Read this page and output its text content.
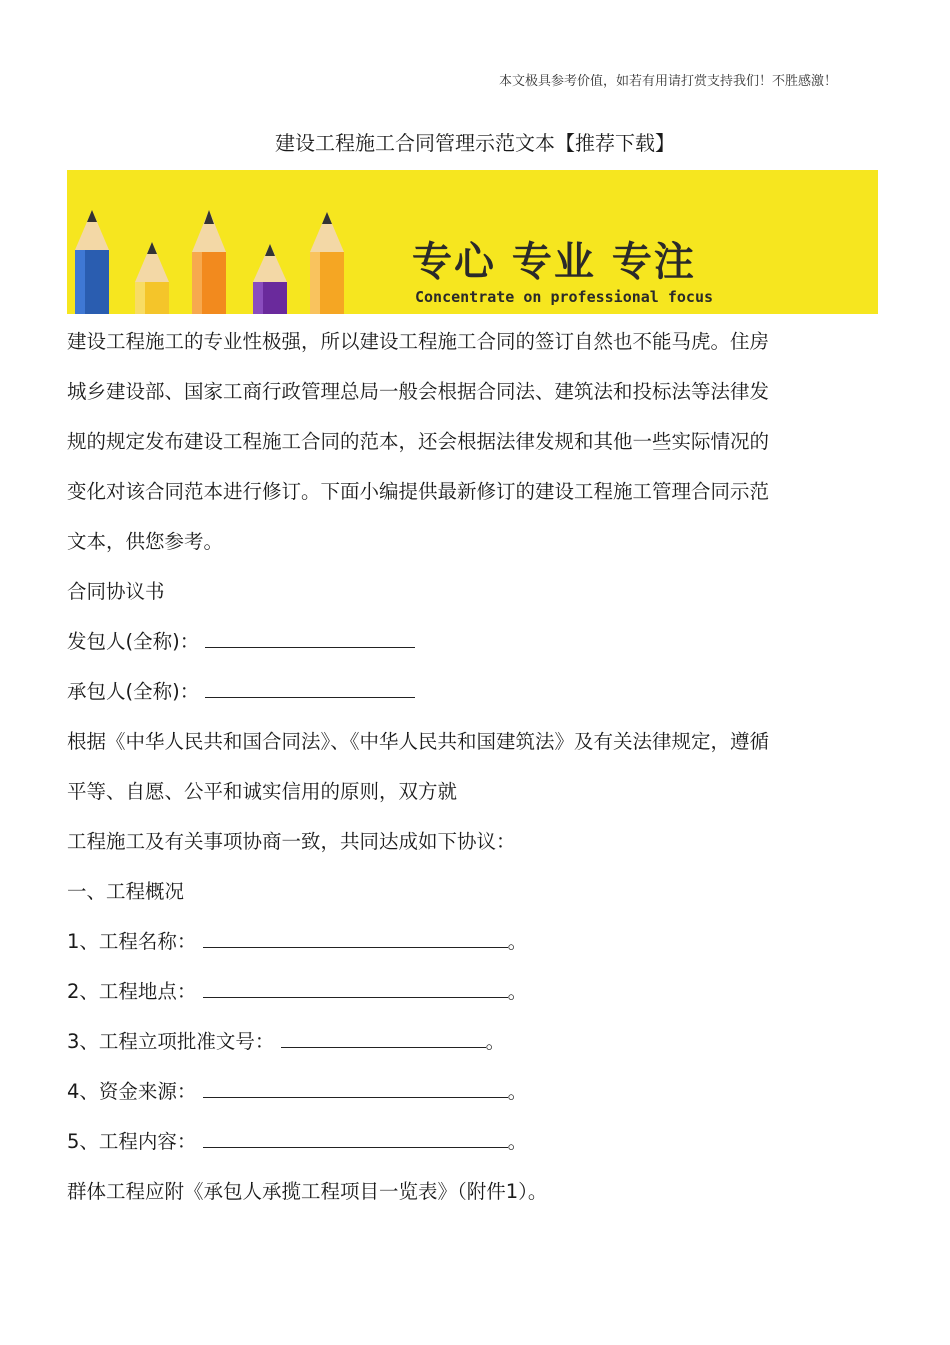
本文极具参考价值，如若有用请打赏支持我们！不胜感激！
建设工程施工合同管理示范文本【推荐下载】
专心 专业 专注
Concentrate on professional focus
建设工程施工的专业性极强，所以建设工程施工合同的签订自然也不能马虎。住房
城乡建设部、国家工商行政管理总局一般会根据合同法、建筑法和投标法等法律发
规的规定发布建设工程施工合同的范本，还会根据法律发规和其他一些实际情况的
变化对该合同范本进行修订。下面小编提供最新修订的建设工程施工管理合同示范
文本，供您参考。
合同协议书
发包人(全称)：
承包人(全称)：
根据《中华人民共和国合同法》、《中华人民共和国建筑法》及有关法律规定，遵循
平等、自愿、公平和诚实信用的原则，双方就
工程施工及有关事项协商一致，共同达成如下协议：
一、工程概况
1、工程名称：	。
2、工程地点：	。
3、工程立项批准文号：	。
4、资金来源：	。
5、工程内容：	。
群体工程应附《承包人承揽工程项目一览表》（附件1）。
